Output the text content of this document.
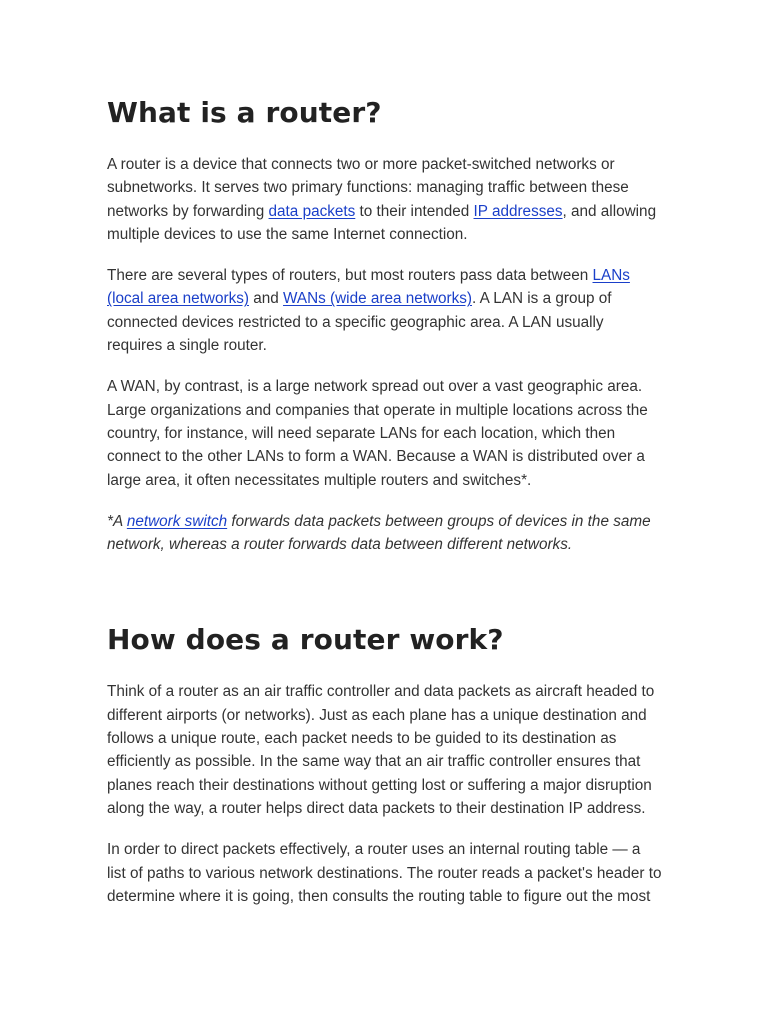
What is a router?

A router is a device that connects two or more packet-switched networks or subnetworks. It serves two primary functions: managing traffic between these networks by forwarding data packets to their intended IP addresses, and allowing multiple devices to use the same Internet connection.

There are several types of routers, but most routers pass data between LANs (local area networks) and WANs (wide area networks). A LAN is a group of connected devices restricted to a specific geographic area. A LAN usually requires a single router.

A WAN, by contrast, is a large network spread out over a vast geographic area. Large organizations and companies that operate in multiple locations across the country, for instance, will need separate LANs for each location, which then connect to the other LANs to form a WAN. Because a WAN is distributed over a large area, it often necessitates multiple routers and switches*.

*A network switch forwards data packets between groups of devices in the same network, whereas a router forwards data between different networks.

How does a router work?

Think of a router as an air traffic controller and data packets as aircraft headed to different airports (or networks). Just as each plane has a unique destination and follows a unique route, each packet needs to be guided to its destination as efficiently as possible. In the same way that an air traffic controller ensures that planes reach their destinations without getting lost or suffering a major disruption along the way, a router helps direct data packets to their destination IP address.

In order to direct packets effectively, a router uses an internal routing table — a list of paths to various network destinations. The router reads a packet's header to determine where it is going, then consults the routing table to figure out the most
